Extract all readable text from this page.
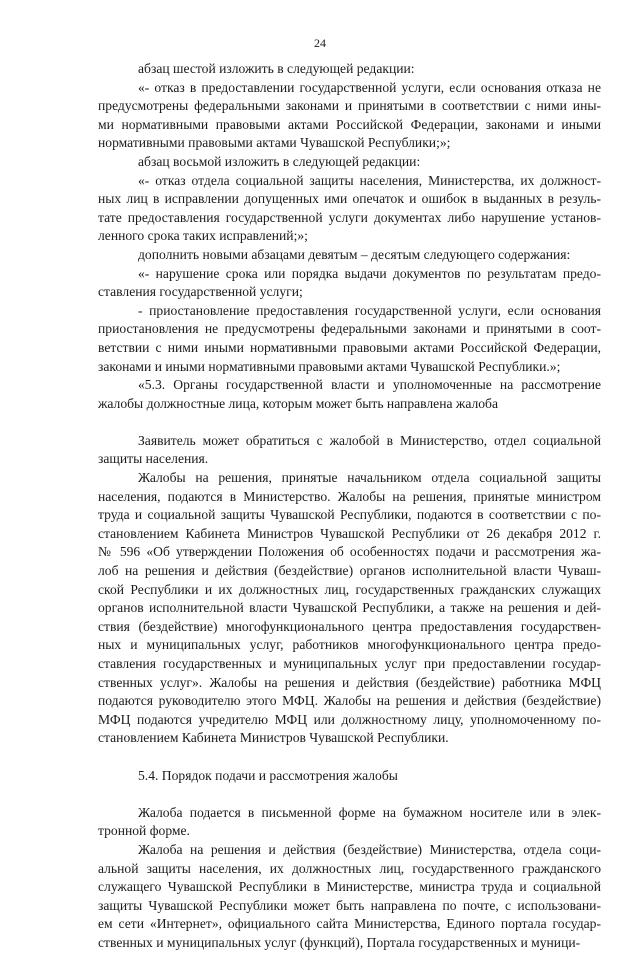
24
абзац шестой изложить в следующей редакции:
«- отказ в предоставлении государственной услуги, если основания отказа не
предусмотрены федеральными законами и принятыми в соответствии с ними ины-
ми нормативными правовыми актами Российской Федерации, законами и иными
нормативными правовыми актами Чувашской Республики;»;
абзац восьмой изложить в следующей редакции:
«- отказ отдела социальной защиты населения, Министерства, их должност-
ных лиц в исправлении допущенных ими опечаток и ошибок в выданных в резуль-
тате предоставления государственной услуги документах либо нарушение установ-
ленного срока таких исправлений;»;
дополнить новыми абзацами девятым – десятым следующего содержания:
«- нарушение срока или порядка выдачи документов по результатам предо-
ставления государственной услуги;
- приостановление предоставления государственной услуги, если основания
приостановления не предусмотрены федеральными законами и принятыми в соот-
ветствии с ними иными нормативными правовыми актами Российской Федерации,
законами и иными нормативными правовыми актами Чувашской Республики.»;
«5.3. Органы государственной власти и уполномоченные на рассмотрение
жалобы должностные лица, которым может быть направлена жалоба
Заявитель может обратиться с жалобой в Министерство, отдел социальной
защиты населения.
Жалобы на решения, принятые начальником отдела социальной защиты
населения, подаются в Министерство. Жалобы на решения, принятые министром
труда и социальной защиты Чувашской Республики, подаются в соответствии с по-
становлением Кабинета Министров Чувашской Республики от 26 декабря 2012 г.
№ 596 «Об утверждении Положения об особенностях подачи и рассмотрения жа-
лоб на решения и действия (бездействие) органов исполнительной власти Чуваш-
ской Республики и их должностных лиц, государственных гражданских служащих
органов исполнительной власти Чувашской Республики, а также на решения и дей-
ствия (бездействие) многофункционального центра предоставления государствен-
ных и муниципальных услуг, работников многофункционального центра предо-
ставления государственных и муниципальных услуг при предоставлении государ-
ственных услуг». Жалобы на решения и действия (бездействие) работника МФЦ
подаются руководителю этого МФЦ. Жалобы на решения и действия (бездействие)
МФЦ подаются учредителю МФЦ или должностному лицу, уполномоченному по-
становлением Кабинета Министров Чувашской Республики.
5.4. Порядок подачи и рассмотрения жалобы
Жалоба подается в письменной форме на бумажном носителе или в элек-
тронной форме.
Жалоба на решения и действия (бездействие) Министерства, отдела соци-
альной защиты населения, их должностных лиц, государственного гражданского
служащего Чувашской Республики в Министерстве, министра труда и социальной
защиты Чувашской Республики может быть направлена по почте, с использовани-
ем сети «Интернет», официального сайта Министерства, Единого портала государ-
ственных и муниципальных услуг (функций), Портала государственных и муници-
